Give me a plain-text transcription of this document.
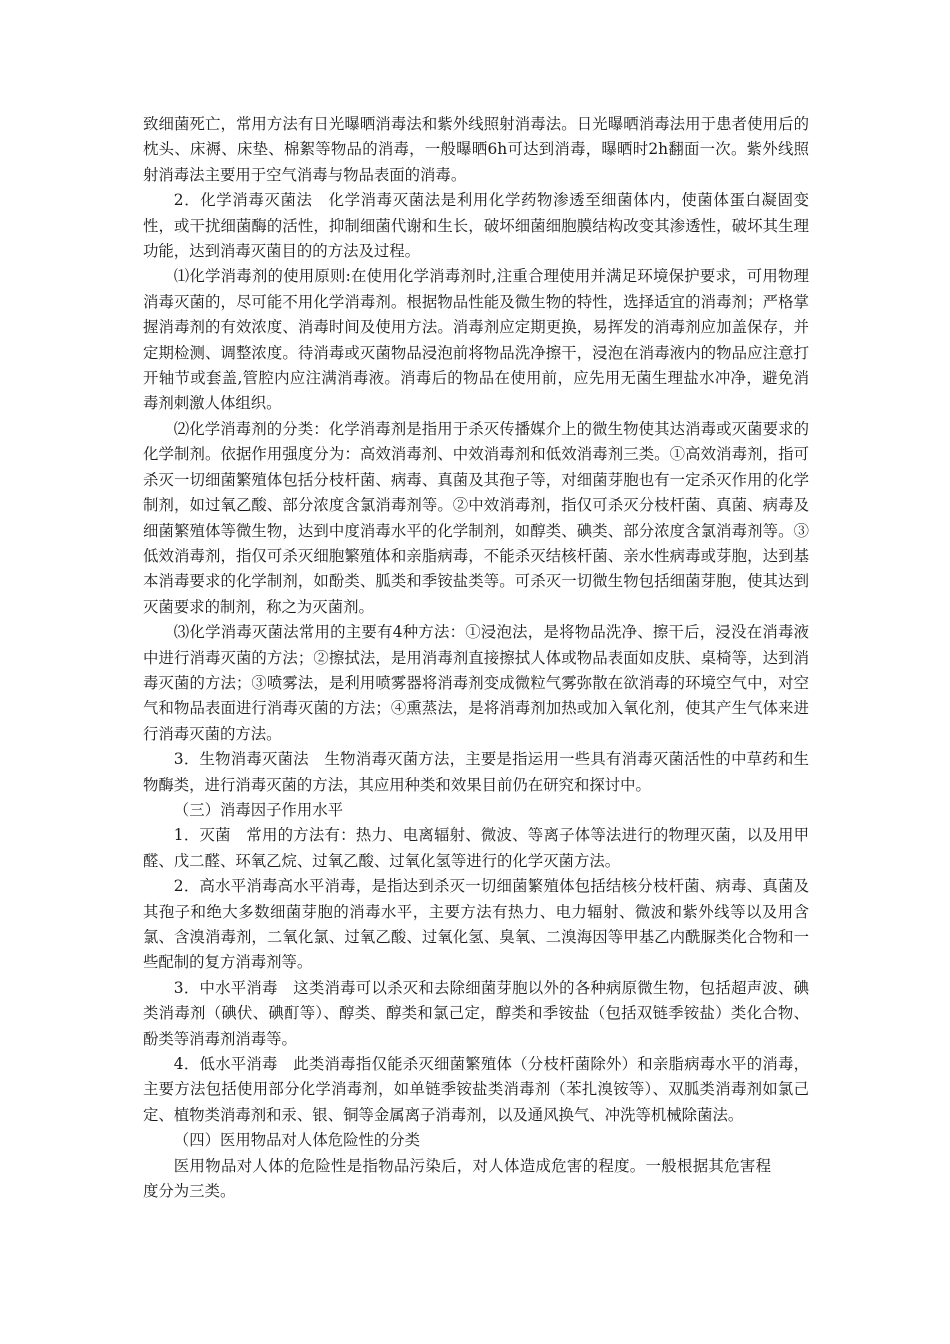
致细菌死亡，常用方法有日光曝晒消毒法和紫外线照射消毒法。日光曝晒消毒法用于患者使用后的枕头、床褥、床垫、棉絮等物品的消毒，一般曝晒6h可达到消毒，曝晒时2h翻面一次。紫外线照射消毒法主要用于空气消毒与物品表面的消毒。

2．化学消毒灭菌法　化学消毒灭菌法是利用化学药物渗透至细菌体内，使菌体蛋白凝固变性，或干扰细菌酶的活性，抑制细菌代谢和生长，破坏细菌细胞膜结构改变其渗透性，破坏其生理功能，达到消毒灭菌目的的方法及过程。

⑴化学消毒剂的使用原则:在使用化学消毒剂时,注重合理使用并满足环境保护要求，可用物理消毒灭菌的，尽可能不用化学消毒剂。根据物品性能及微生物的特性，选择适宜的消毒剂；严格掌握消毒剂的有效浓度、消毒时间及使用方法。消毒剂应定期更换，易挥发的消毒剂应加盖保存，并定期检测、调整浓度。待消毒或灭菌物品浸泡前将物品洗净擦干，浸泡在消毒液内的物品应注意打开轴节或套盖,管腔内应注满消毒液。消毒后的物品在使用前，应先用无菌生理盐水冲净，避免消毒剂刺激人体组织。

⑵化学消毒剂的分类：化学消毒剂是指用于杀灭传播媒介上的微生物使其达消毒或灭菌要求的化学制剂。依据作用强度分为：高效消毒剂、中效消毒剂和低效消毒剂三类。①高效消毒剂，指可杀灭一切细菌繁殖体包括分枝杆菌、病毒、真菌及其孢子等，对细菌芽胞也有一定杀灭作用的化学制剂，如过氧乙酸、部分浓度含氯消毒剂等。②中效消毒剂，指仅可杀灭分枝杆菌、真菌、病毒及细菌繁殖体等微生物，达到中度消毒水平的化学制剂，如醇类、碘类、部分浓度含氯消毒剂等。③低效消毒剂，指仅可杀灭细胞繁殖体和亲脂病毒，不能杀灭结核杆菌、亲水性病毒或芽胞，达到基本消毒要求的化学制剂，如酚类、胍类和季铵盐类等。可杀灭一切微生物包括细菌芽胞，使其达到灭菌要求的制剂，称之为灭菌剂。

⑶化学消毒灭菌法常用的主要有4种方法：①浸泡法，是将物品洗净、擦干后，浸没在消毒液中进行消毒灭菌的方法；②擦拭法，是用消毒剂直接擦拭人体或物品表面如皮肤、桌椅等，达到消毒灭菌的方法；③喷雾法，是利用喷雾器将消毒剂变成微粒气雾弥散在欲消毒的环境空气中，对空气和物品表面进行消毒灭菌的方法；④熏蒸法，是将消毒剂加热或加入氧化剂，使其产生气体来进行消毒灭菌的方法。

3．生物消毒灭菌法　生物消毒灭菌方法，主要是指运用一些具有消毒灭菌活性的中草药和生物酶类，进行消毒灭菌的方法，其应用种类和效果目前仍在研究和探讨中。

（三）消毒因子作用水平

1．灭菌　常用的方法有：热力、电离辐射、微波、等离子体等法进行的物理灭菌，以及用甲醛、戊二醛、环氧乙烷、过氧乙酸、过氧化氢等进行的化学灭菌方法。

2．高水平消毒高水平消毒，是指达到杀灭一切细菌繁殖体包括结核分枝杆菌、病毒、真菌及其孢子和绝大多数细菌芽胞的消毒水平，主要方法有热力、电力辐射、微波和紫外线等以及用含氯、含溴消毒剂，二氧化氯、过氧乙酸、过氧化氢、臭氧、二溴海因等甲基乙内酰脲类化合物和一些配制的复方消毒剂等。

3．中水平消毒　这类消毒可以杀灭和去除细菌芽胞以外的各种病原微生物，包括超声波、碘类消毒剂（碘伏、碘酊等）、醇类、醇类和氯己定，醇类和季铵盐（包括双链季铵盐）类化合物、酚类等消毒剂消毒等。

4．低水平消毒　此类消毒指仅能杀灭细菌繁殖体（分枝杆菌除外）和亲脂病毒水平的消毒，主要方法包括使用部分化学消毒剂，如单链季铵盐类消毒剂（苯扎溴铵等）、双胍类消毒剂如氯己定、植物类消毒剂和汞、银、铜等金属离子消毒剂，以及通风换气、冲洗等机械除菌法。

（四）医用物品对人体危险性的分类

医用物品对人体的危险性是指物品污染后，对人体造成危害的程度。一般根据其危害程度分为三类。
